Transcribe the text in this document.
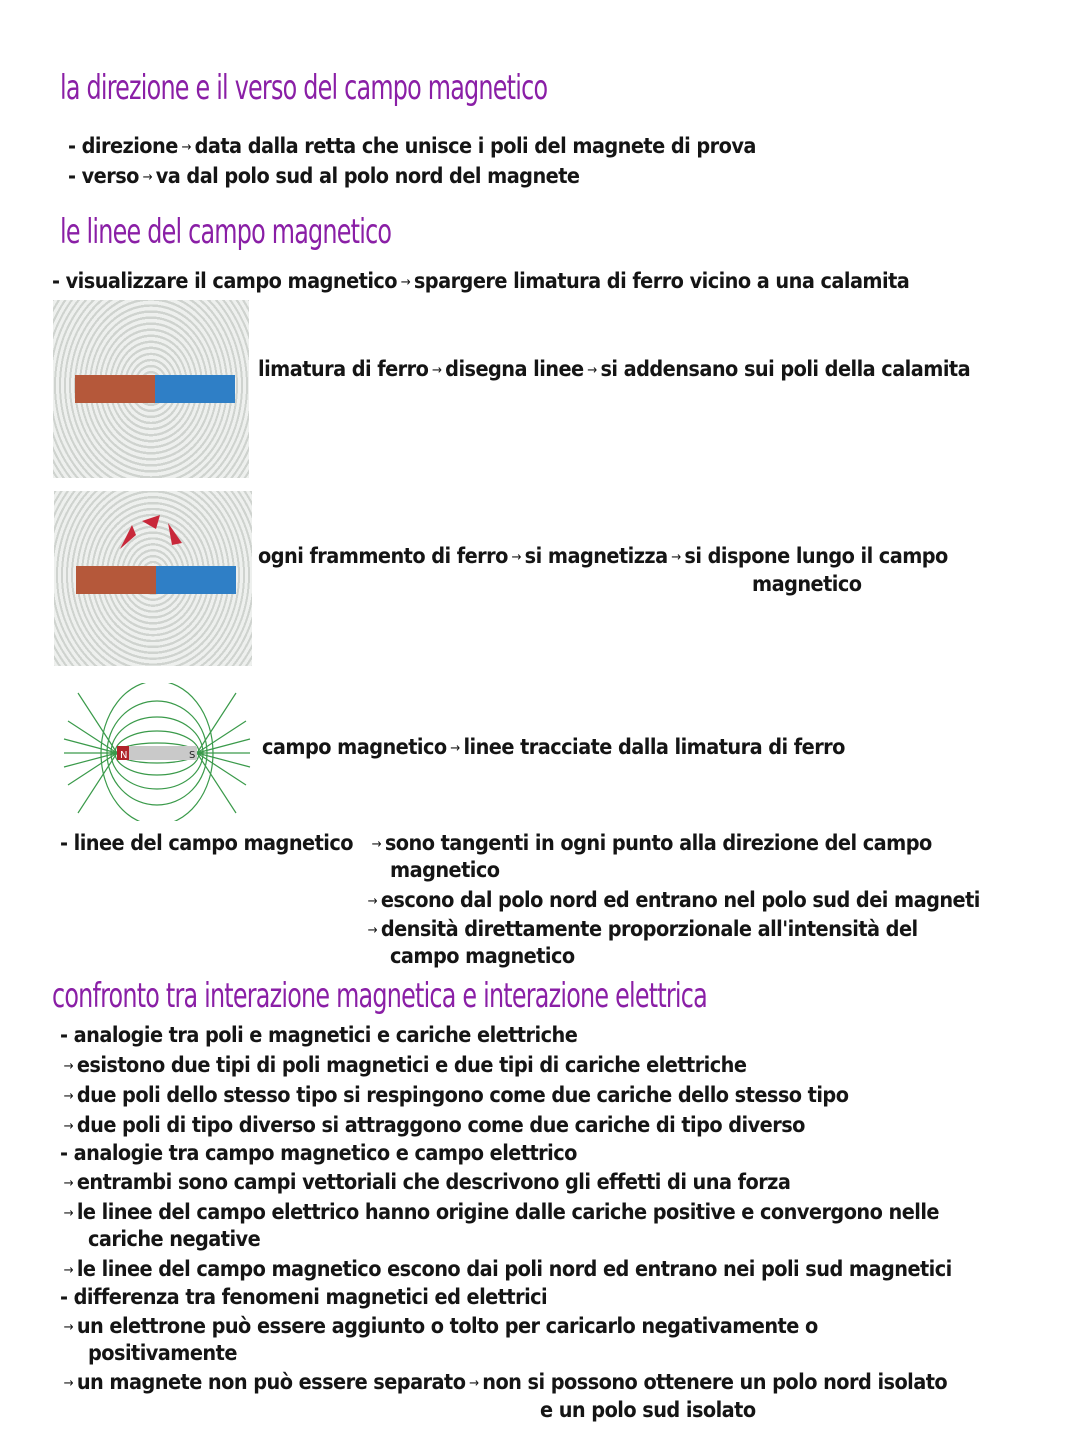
la direzione e il verso del campo magnetico
- direzione → data dalla retta che unisce i poli del magnete di prova
- verso → va dal polo sud al polo nord del magnete
le linee del campo magnetico
- visualizzare il campo magnetico → spargere limatura di ferro vicino a una calamita
limatura di ferro → disegna linee → si addensano sui poli della calamita
ogni frammento di ferro → si magnetizza → si dispone lungo il campo
magnetico
N	S	campo magnetico → linee tracciate dalla limatura di ferro
- linee del campo magnetico → sono tangenti in ogni punto alla direzione del campo
magnetico
→ escono dal polo nord ed entrano nel polo sud dei magneti
→ densità direttamente proporzionale all'intensità del
campo magnetico
confronto tra interazione magnetica e interazione elettrica
- analogie tra poli e magnetici e cariche elettriche
→ esistono due tipi di poli magnetici e due tipi di cariche elettriche
→ due poli dello stesso tipo si respingono come due cariche dello stesso tipo
→ due poli di tipo diverso si attraggono come due cariche di tipo diverso
- analogie tra campo magnetico e campo elettrico
→ entrambi sono campi vettoriali che descrivono gli effetti di una forza
→ le linee del campo elettrico hanno origine dalle cariche positive e convergono nelle
cariche negative
→ le linee del campo magnetico escono dai poli nord ed entrano nei poli sud magnetici
- differenza tra fenomeni magnetici ed elettrici
→ un elettrone può essere aggiunto o tolto per caricarlo negativamente o
positivamente
→ un magnete non può essere separato → non si possono ottenere un polo nord isolato
e un polo sud isolato
